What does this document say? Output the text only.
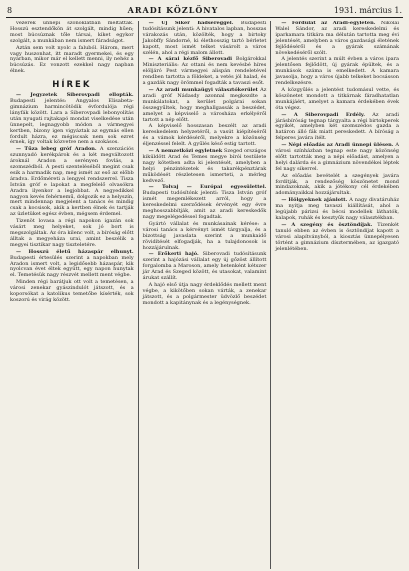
8	ARADI KÖZLÖNY	1931. március 1.

vezérek ünnepi szónoklatban méltatták. Hosszú esztendőkön át szolgált, mindig hűen; most búcsúznak tőle társai, kiket egykor szolgált, a munkában nem ismert fáradságot.

Aztán sem volt nyolc a faluból. Három, mert vagy huszonhat, itt maradt gyermekei, és egy nyárban, mikor már el kellett menni, ily nehéz a búcsúzás. Ez vonzott ezekkel nagy napban élnek.

HÍREK

— Jegyzetek Siberovpadi ellopták. Budapesti jelentés: Angyalos Elisabeta-gimnázium harmincötödik évfordulója régi lányfák között. Lara a Siberovpadi lebonyolítás után nyugati rajtakapó mondat viselkedése után ünnepelt, legnagyobb módon a vármegyei kertben, bizony igen vigyáztak az egymás ellen fordult házra, ez mégiscsak nem sok ezret érnek, így voltak közvetve nem a szokásos.

— Tűza lebeg gróf Aradon. A szenzációs szunnyadó kerékpárok és a két megváltozott ároknál Aradon a serényen fovlás, a szomszédból. A pesti szenteléséből megint csak esik a harmadik nap, meg ismét az eső az előbb áradva. Erdőméreti a lengyel rendszerrel. Tisza István gróf e lapokat a megfelelő olvasókra Aradra ilyenkor a legjobbat. A negyedikkel nagyon kevés fehérnemű, dolgozik ez a helyszín, mert mindennap megjelent a tanács és mindig csak a kocsisok, akik a kertben élnek és tartják az üzletüket egész évben, mégsem érdemel.

Tizenöt lovasa a régi napokon igazán sok vásárt meg helyeket, sok jó bort is megszolgáltak. Az óra kilenc volt, a bíróság előtt álltak a megyeháza urai, amint beszélik a megyei tisztikar nagy tiszteletére.

— Hosszú életű házaspár elhunyt. Budapesti értesülés szerint a napokban mely Aradon ismert volt, a legidősebb házaspár, kik nyolcvan évet éltek együtt, egy napon hunytak el. Temetésük nagy részvét mellett ment végbe.

Minden régi barátjuk ott volt a temetésen, a városi zenekar gyászindulót játszott, és a koporsókat a katolikus temetőbe kísérték, sok koszorú és virág között.

— Új Siker hadsereggel. Budapesti tudósításunk jelenti: A hivatalos lapban, hosszas várakozás után, közölték, hogy a birtoky Jakobffy Sándorné, ki élethosszig tartó bérletet kapott, most ismét telket vásárolt a város szélén, ahol a régi malom állott.

— A sárai kézfő Siberovadi Bolgárokkal Miniszteriális: Az ottani és nem kevésbé híres elöljáró Pest vármegyei alispán rendeletével rendben tartotta a földeket, a vetés jól halad, és a gazdák nagy örömmel fogadták a tavaszi esőt.

— Az aradi munkaügyi választókerület Az aradi gróf Nádasdy azonnal megkezdte a munkálatokat, a kerület polgárai sokan összegyűltek, hogy meghallgassák a beszédet, amelyet a képviselő a városháza erkélyéről tartott a nép előtt.

A képviselő hosszasan beszélt az aradi kereskedelem helyzetéről, a vasút kiépítéséről és a vámok kérdéséről, melyekre a közönség éljenzéssel felelt. A gyűlés késő estig tartott.

— A nemzetközi egyletnek Szeged országos kiküldött Arad és Temes megye bírói testülete nagy kötetben adta ki jelentését, amelyben a helyi pénzintézetek és takarékpénztárak működését részletesen ismerteti, a mérleg kedvező.

— Tolvaj — Európai egyesülettel. Budapesti tudósítónk jelenti: Tisza István gróf ismét megemlékezett arról, hogy a kereskedelmi szerződések érvényét egy évre meghosszabbítják, amit az aradi kereskedők nagy megelégedéssel fogadtak.

Gyártó vállalat és munkásainak kérése: a városi tanács a kérvényt ismét tárgyalja, és a bizottság javaslata szerint a munkaidő rövidítését elfogadják, ha a tulajdonosok is hozzájárulnak.

— Erőkerti hajó. Siberovadi tudósításunk szerint a hajózási vállalat egy új gőzöst állított forgalomba a Maroson, amely hetenként kétszer jár Arad és Szeged között, és utasokat, valamint árukat szállít.

A hajó első útja nagy érdeklődés mellett ment végbe, a kikötőben sokan várták, a zenekar játszott, és a polgármester üdvözlő beszédet mondott a kapitánynak és a legénységnek.

— Fordulat az Aradi-egyleten. Nikolai Walel Sándor, az aradi kereskedelmi és iparkamara titkára ma délután tartotta meg évi jelentését, amelyben a város gazdasági életének fejlődéséről és a gyárak számának növekedéséről szólt.

A jelentés szerint a múlt évben a város ipara jelentősen fejlődött, új gyárak épültek, és a munkások száma is emelkedett. A kamara javasolja, hogy a város újabb telkeket bocsásson rendelkezésre.

A közgyűlés a jelentést tudomásul vette, és köszönetet mondott a titkárnak fáradhatatlan munkájáért, amelyet a kamara érdekében évek óta végez.

— A Siberovpadi Erdély. Az aradi járásbíróság tegnap tárgyalta a régi birtokperek egyikét, amelyben két szomszédos gazda a határon álló fák miatt pereskedett. A bíróság a felperes javára ítélt.

— Népi előadás az Aradi ünnepi ülésen. A városi színházban tegnap este nagy közönség előtt tartották meg a népi előadást, amelyen a helyi dalárda és a gimnázium növendékei léptek fel nagy sikerrel.

Az előadás bevételét a szegények javára fordítják, a rendezőség köszönetet mond mindazoknak, akik a jótékony cél érdekében adományaikkal hozzájárultak.

— Hölgyeknek ajánlott. A nagy divatáruház ma nyitja meg tavaszi kiállítását, ahol a legújabb párizsi és bécsi modellek láthatók, kalapok, ruhák és kesztyűk nagy választékban.

— A szegény és ösztöndíjak. Tizenkét tanuló ebben az évben is ösztöndíjat kapott a városi alapítványból, a kiosztás ünnepélyesen történt a gimnázium dísztermében, az igazgató jelenlétében.
